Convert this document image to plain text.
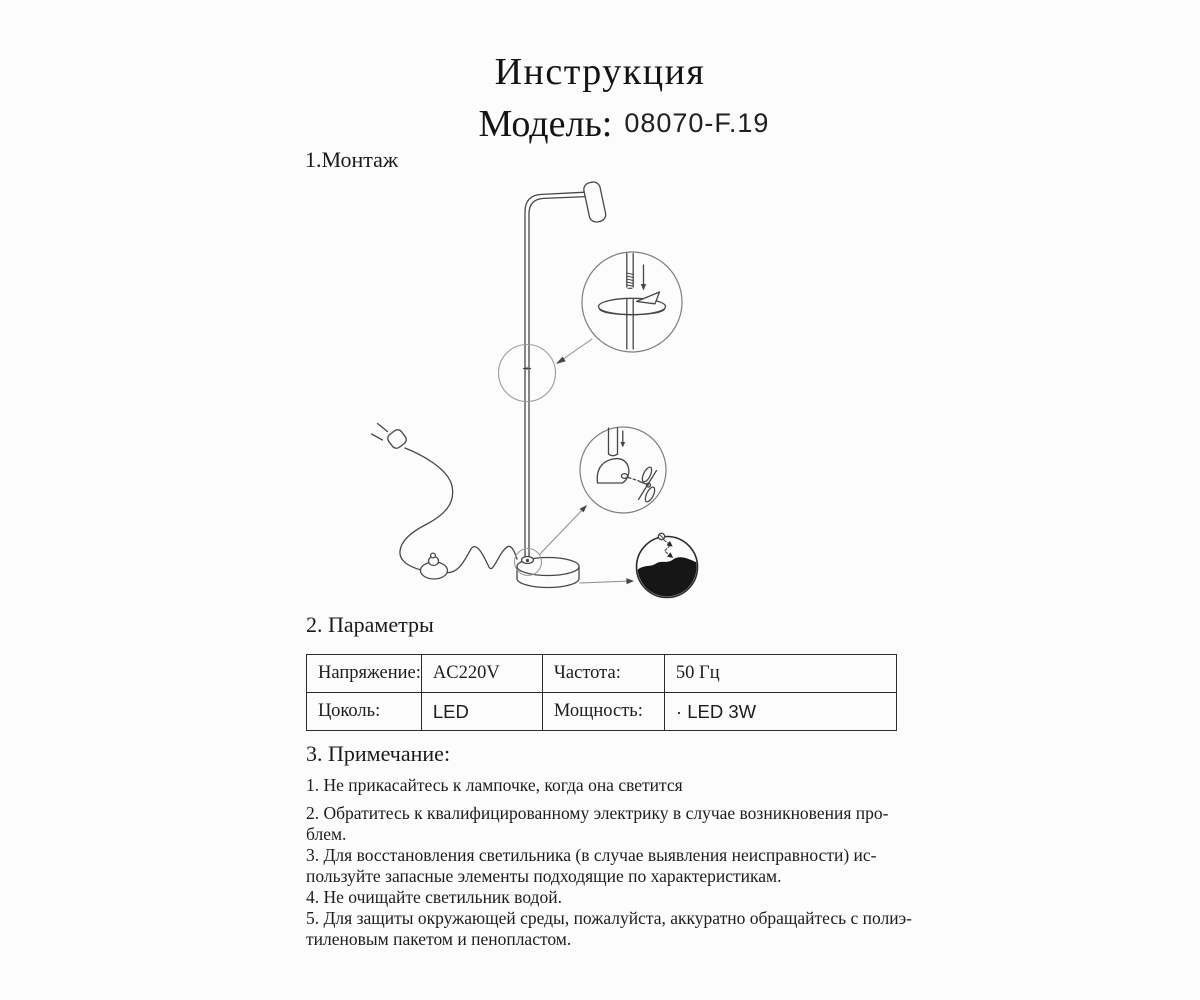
Инструкция
Модель: 08070-F.19
1.Монтаж
2. Параметры
Напряжение:	AC220V	Частота:	50 Гц
Цоколь:	LED	Мощность:	· LED 3W
3. Примечание:
1. Не прикасайтесь к лампочке, когда она светится
2. Обратитесь к квалифицированному электрику в случае возникновения про-
блем.
3. Для восстановления светильника (в случае выявления неисправности) ис-
пользуйте запасные элементы подходящие по характеристикам.
4. Не очищайте светильник водой.
5. Для защиты окружающей среды, пожалуйста, аккуратно обращайтесь с полиэ-
тиленовым пакетом и пенопластом.
